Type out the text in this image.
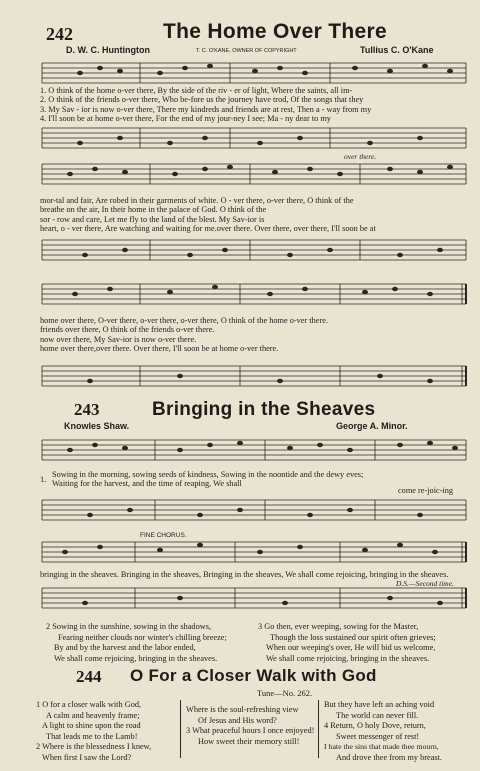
242	The Home Over There
D. W. C. Huntington	T. C. O'KANE, OWNER OF COPYRIGHT	Tullius C. O'Kane
1. O think of the home o-ver there, By the side of the riv - er of light, Where the saints, all im-
2. O think of the friends o-ver there, Who be-fore us the journey have trod, Of the songs that they
3. My Sav - ior is now o-ver there, There my kindreds and friends are at rest, Then a - way from my
4. I'll soon be at home o-ver there, For the end of my jour-ney I see; Ma - ny dear to my
over there.
mor-tal and fair, Are robed in their garments of white. O - ver there, o-ver there, O think of the
breathe on the air, In their home in the palace of God. O think of the
sor - row and care, Let me fly to the land of the blest. My Sav-ior is
heart, o - ver there, Are watching and waiting for me.over there. Over there, over there, I'll soon be at
home over there, O-ver there, o-ver there, o-ver there, O think of the home o-ver there.
friends over there, O think of the friends o-ver there.
now over there, My Sav-ior is now o-ver there.
home over there,over there. Over there, I'll soon be at home o-ver there.
243	Bringing in the Sheaves
Knowles Shaw.	George A. Minor.
1.
Sowing in the morning, sowing seeds of kindness, Sowing in the noontide and the dewy eves;
Waiting for the harvest, and the time of reaping, We shall
come re-joic-ing
FINE CHORUS.
bringing in the sheaves. Bringing in the sheaves, Bringing in the sheaves, We shall come rejoicing, bringing in the sheaves.
D.S.—Second time.
2 Sowing in the sunshine, sowing in the shadows,
Fearing neither clouds nor winter's chilling breeze;
By and by the harvest and the labor ended,
We shall come rejoicing, bringing in the sheaves.
3 Go then, ever weeping, sowing for the Master,
Though the loss sustained our spirit often grieves;
When our weeping's over, He will bid us welcome,
We shall come rejoicing, bringing in the sheaves.
244 O For a Closer Walk with God
Tune—No. 262.
1 O for a closer walk with God,
A calm and heavenly frame;
A light to shine upon the road
That leads me to the Lamb!
2 Where is the blessedness I knew,
When first I saw the Lord?
Where is the soul-refreshing view
Of Jesus and His word?
3 What peaceful hours I once enjoyed!
How sweet their memory still!
But they have left an aching void
The world can never fill.
4 Return, O holy Dove, return,
Sweet messenger of rest!
I hate the sins that made thee mourn,
And drove thee from my breast.
